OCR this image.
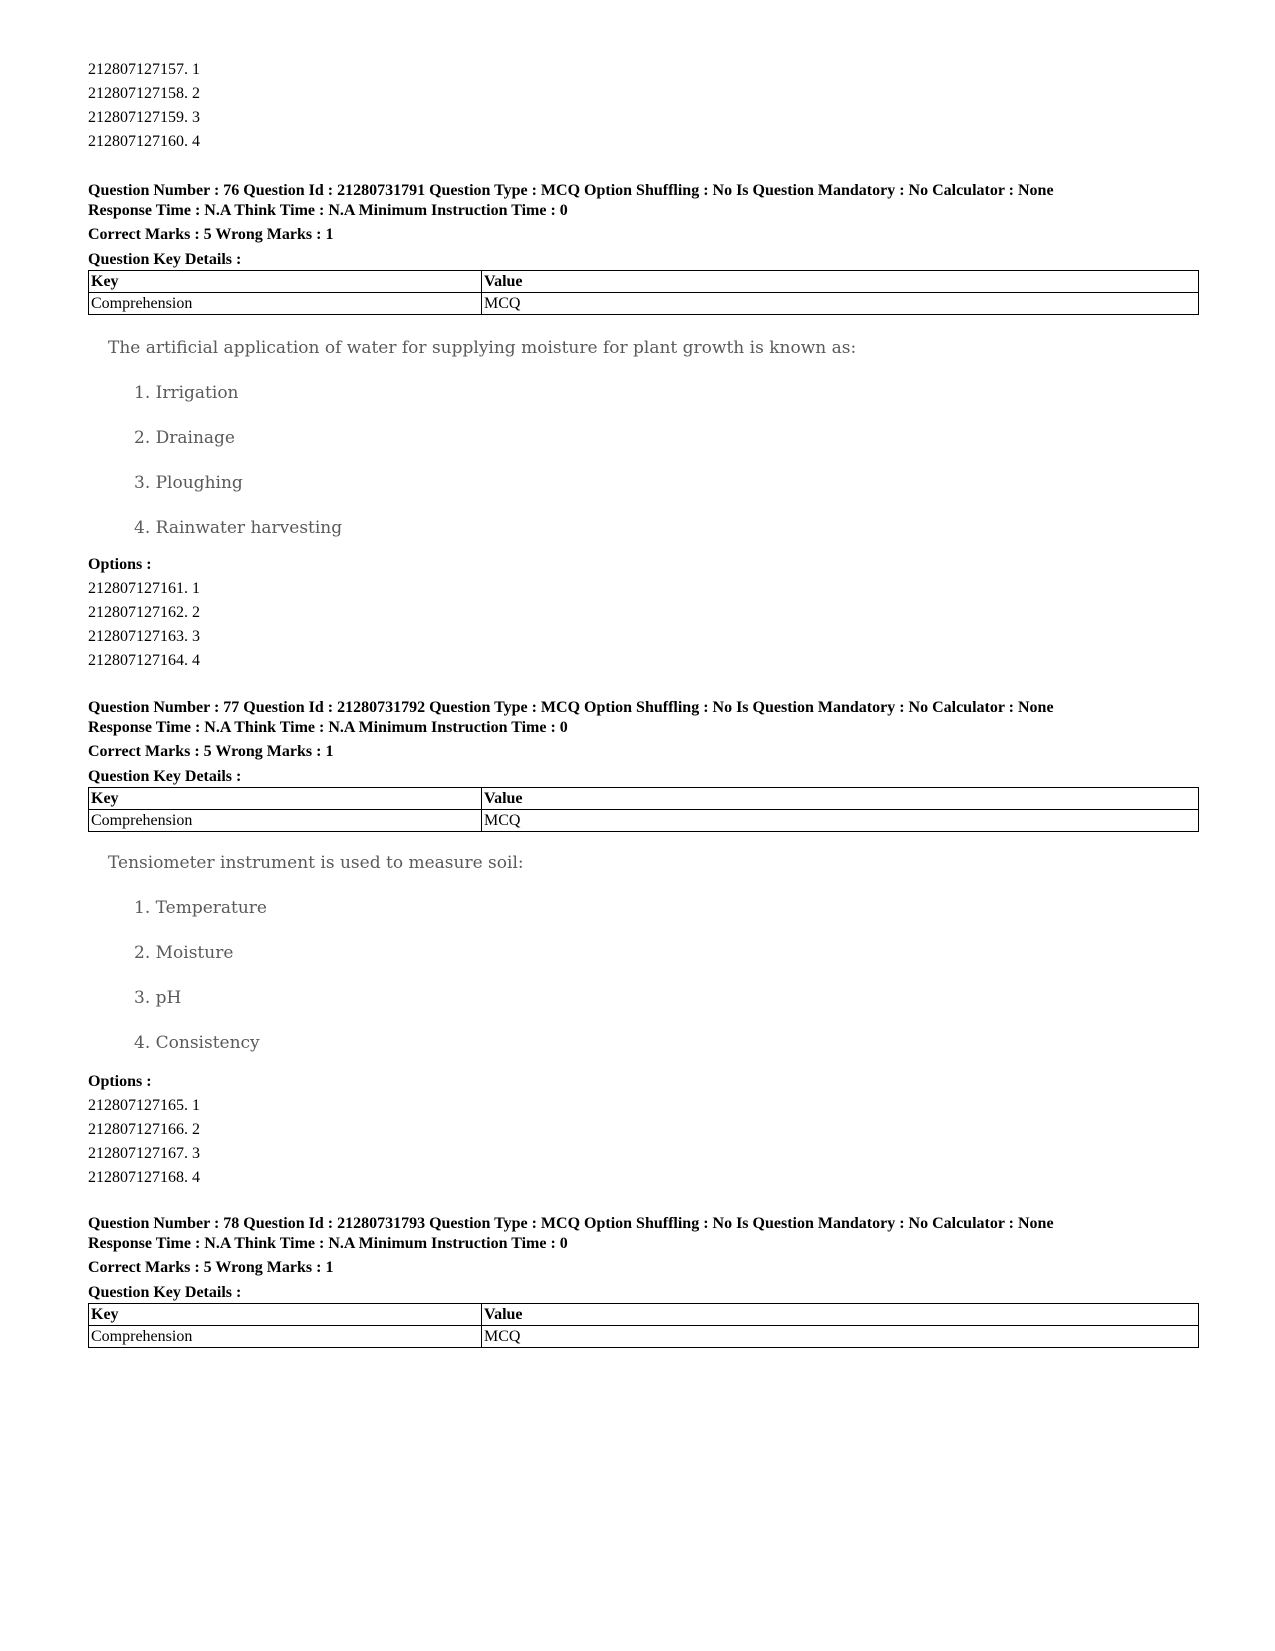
212807127157. 1
212807127158. 2
212807127159. 3
212807127160. 4
Question Number : 76 Question Id : 21280731791 Question Type : MCQ Option Shuffling : No Is Question Mandatory : No Calculator : None
Response Time : N.A Think Time : N.A Minimum Instruction Time : 0
Correct Marks : 5 Wrong Marks : 1
Question Key Details :
Key	Value
Comprehension	MCQ
The artificial application of water for supplying moisture for plant growth is known as:
1. Irrigation
2. Drainage
3. Ploughing
4. Rainwater harvesting
Options :
212807127161. 1
212807127162. 2
212807127163. 3
212807127164. 4
Question Number : 77 Question Id : 21280731792 Question Type : MCQ Option Shuffling : No Is Question Mandatory : No Calculator : None
Response Time : N.A Think Time : N.A Minimum Instruction Time : 0
Correct Marks : 5 Wrong Marks : 1
Question Key Details :
Key	Value
Comprehension	MCQ
Tensiometer instrument is used to measure soil:
1. Temperature
2. Moisture
3. pH
4. Consistency
Options :
212807127165. 1
212807127166. 2
212807127167. 3
212807127168. 4
Question Number : 78 Question Id : 21280731793 Question Type : MCQ Option Shuffling : No Is Question Mandatory : No Calculator : None
Response Time : N.A Think Time : N.A Minimum Instruction Time : 0
Correct Marks : 5 Wrong Marks : 1
Question Key Details :
Key	Value
Comprehension	MCQ
